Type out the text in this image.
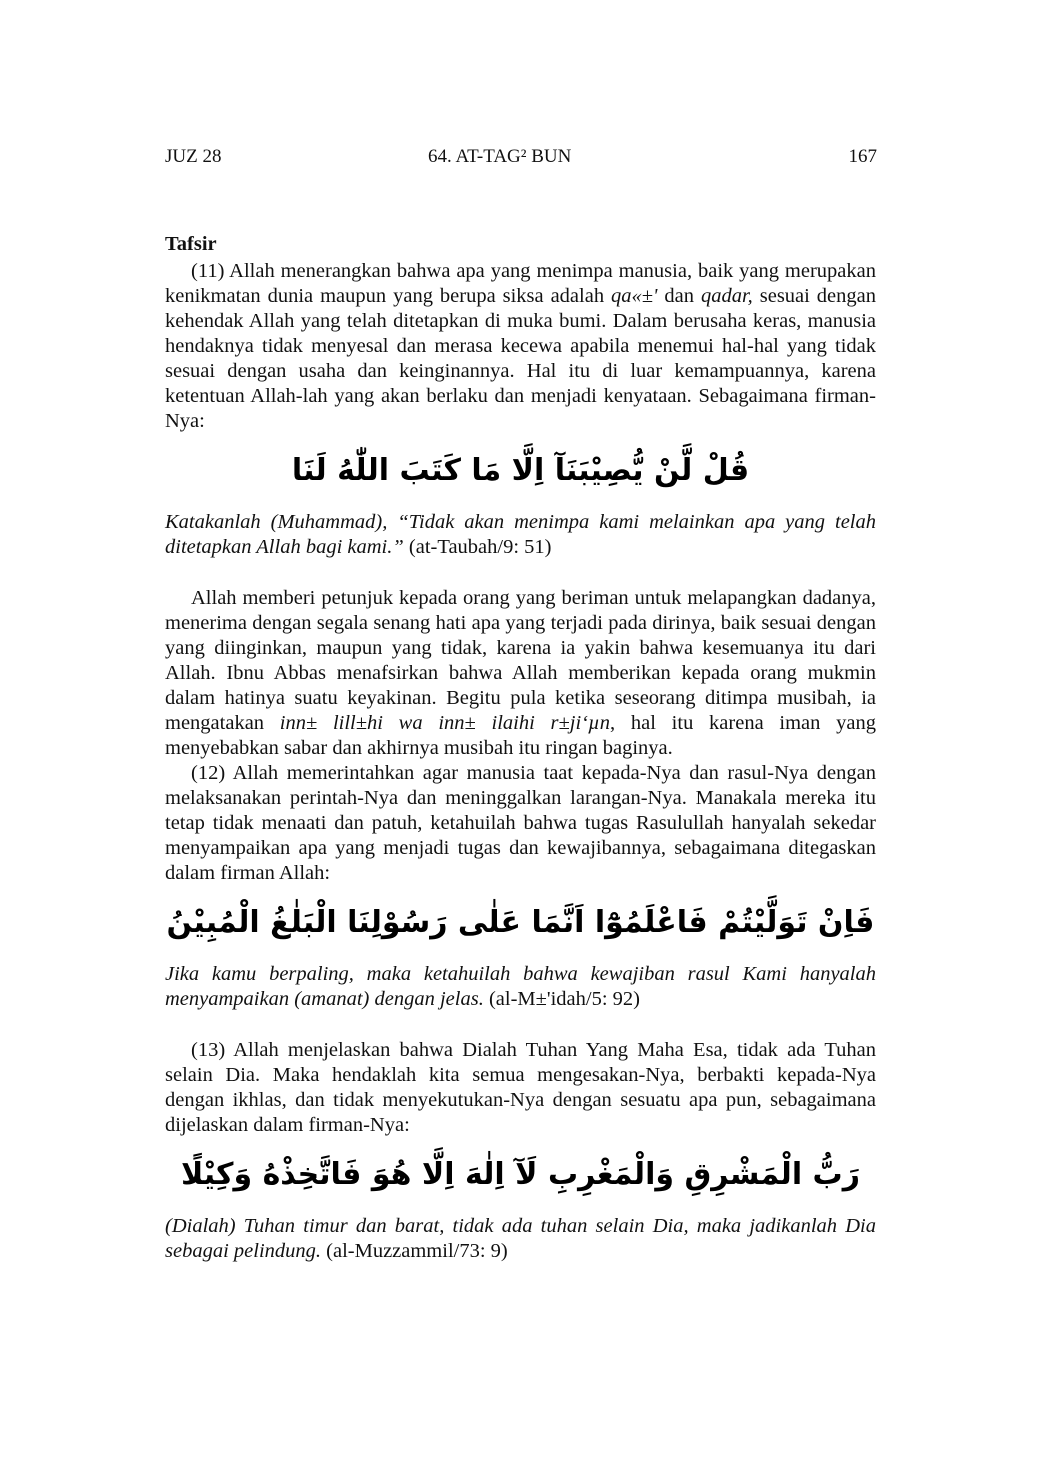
JUZ 28	64. AT-TAG² BUN	167

Tafsir

(11) Allah menerangkan bahwa apa yang menimpa manusia, baik yang merupakan kenikmatan dunia maupun yang berupa siksa adalah qa«±' dan qadar, sesuai dengan kehendak Allah yang telah ditetapkan di muka bumi. Dalam berusaha keras, manusia hendaknya tidak menyesal dan merasa kecewa apabila menemui hal-hal yang tidak sesuai dengan usaha dan keinginannya. Hal itu di luar kemampuannya, karena ketentuan Allah-lah yang akan berlaku dan menjadi kenyataan. Sebagaimana firman-Nya:

قُلْ لَّنْ يُّصِيْبَنَآ اِلَّا مَا كَتَبَ اللّٰهُ لَنَا

Katakanlah (Muhammad), “Tidak akan menimpa kami melainkan apa yang telah ditetapkan Allah bagi kami.” (at-Taubah/9: 51)

Allah memberi petunjuk kepada orang yang beriman untuk melapangkan dadanya, menerima dengan segala senang hati apa yang terjadi pada dirinya, baik sesuai dengan yang diinginkan, maupun yang tidak, karena ia yakin bahwa kesemuanya itu dari Allah. Ibnu Abbas menafsirkan bahwa Allah memberikan kepada orang mukmin dalam hatinya suatu keyakinan. Begitu pula ketika seseorang ditimpa musibah, ia mengatakan inn± lill±hi wa inn± ilaihi r±ji‘µn, hal itu karena iman yang menyebabkan sabar dan akhirnya musibah itu ringan baginya.

(12) Allah memerintahkan agar manusia taat kepada-Nya dan rasul-Nya dengan melaksanakan perintah-Nya dan meninggalkan larangan-Nya. Manakala mereka itu tetap tidak menaati dan patuh, ketahuilah bahwa tugas Rasulullah hanyalah sekedar menyampaikan apa yang menjadi tugas dan kewajibannya, sebagaimana ditegaskan dalam firman Allah:

فَاِنْ تَوَلَّيْتُمْ فَاعْلَمُوْٓا اَنَّمَا عَلٰى رَسُوْلِنَا الْبَلٰغُ الْمُبِيْنُ

Jika kamu berpaling, maka ketahuilah bahwa kewajiban rasul Kami hanyalah menyampaikan (amanat) dengan jelas. (al-M±'idah/5: 92)

(13) Allah menjelaskan bahwa Dialah Tuhan Yang Maha Esa, tidak ada Tuhan selain Dia. Maka hendaklah kita semua mengesakan-Nya, berbakti kepada-Nya dengan ikhlas, dan tidak menyekutukan-Nya dengan sesuatu apa pun, sebagaimana dijelaskan dalam firman-Nya:

رَبُّ الْمَشْرِقِ وَالْمَغْرِبِ لَآ اِلٰهَ اِلَّا هُوَ فَاتَّخِذْهُ وَكِيْلًا

(Dialah) Tuhan timur dan barat, tidak ada tuhan selain Dia, maka jadikanlah Dia sebagai pelindung. (al-Muzzammil/73: 9)
